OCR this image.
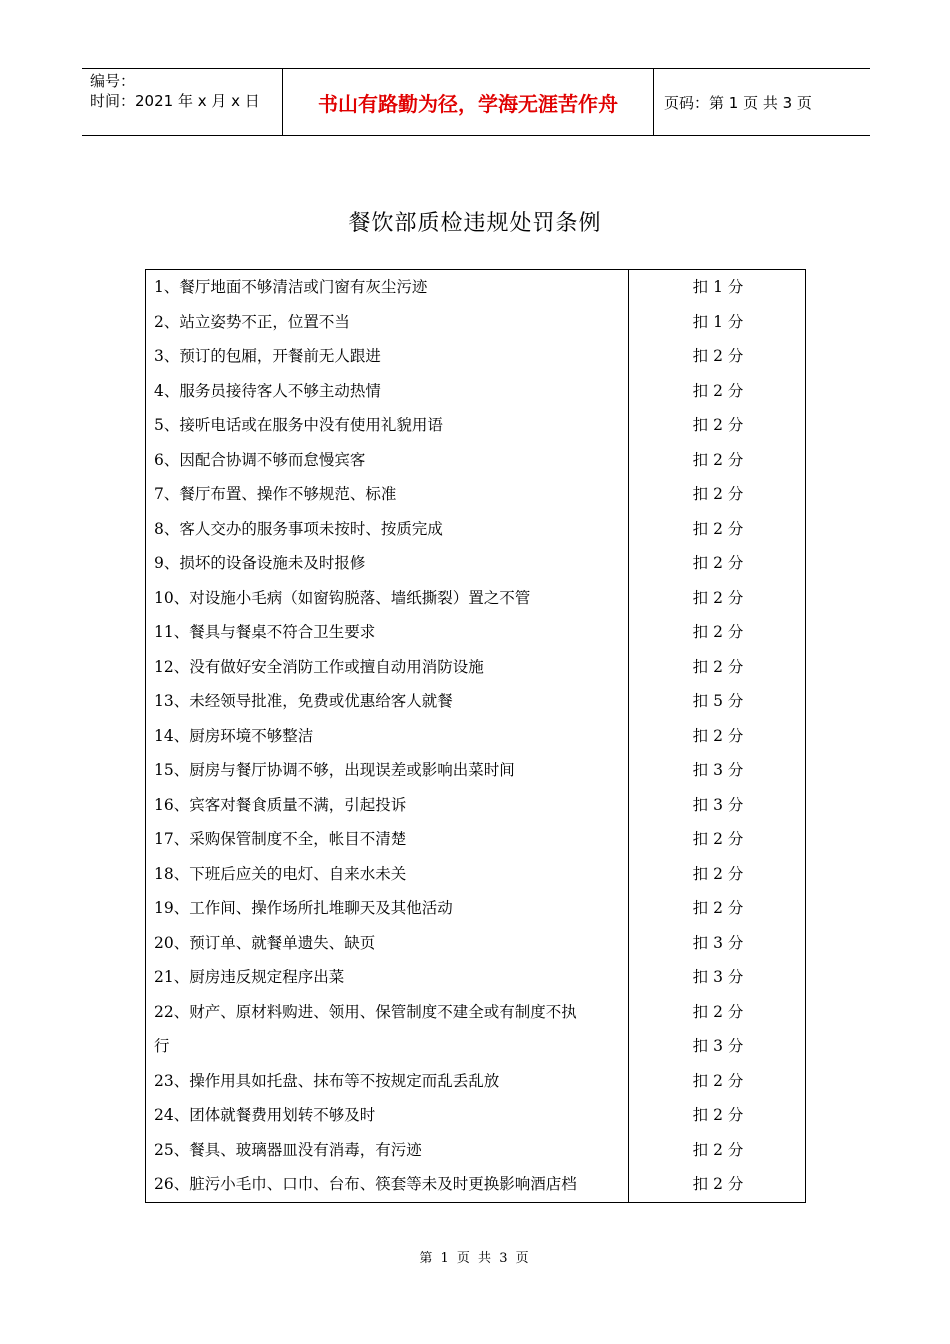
编号：
时间：2021 年 x 月 x 日	书山有路勤为径，学海无涯苦作舟	页码：第 1 页 共 3 页
餐饮部质检违规处罚条例
1、餐厅地面不够清洁或门窗有灰尘污迹	扣 1 分
2、站立姿势不正，位置不当	扣 1 分
3、预订的包厢，开餐前无人跟进	扣 2 分
4、服务员接待客人不够主动热情	扣 2 分
5、接听电话或在服务中没有使用礼貌用语	扣 2 分
6、因配合协调不够而怠慢宾客	扣 2 分
7、餐厅布置、操作不够规范、标准	扣 2 分
8、客人交办的服务事项未按时、按质完成	扣 2 分
9、损坏的设备设施未及时报修	扣 2 分
10、对设施小毛病（如窗钩脱落、墙纸撕裂）置之不管	扣 2 分
11、餐具与餐桌不符合卫生要求	扣 2 分
12、没有做好安全消防工作或擅自动用消防设施	扣 2 分
13、未经领导批准，免费或优惠给客人就餐	扣 5 分
14、厨房环境不够整洁	扣 2 分
15、厨房与餐厅协调不够，出现误差或影响出菜时间	扣 3 分
16、宾客对餐食质量不满，引起投诉	扣 3 分
17、采购保管制度不全，帐目不清楚	扣 2 分
18、下班后应关的电灯、自来水未关	扣 2 分
19、工作间、操作场所扎堆聊天及其他活动	扣 2 分
20、预订单、就餐单遗失、缺页	扣 3 分
21、厨房违反规定程序出菜	扣 3 分
22、财产、原材料购进、领用、保管制度不建全或有制度不执	扣 2 分
行	扣 3 分
23、操作用具如托盘、抹布等不按规定而乱丢乱放	扣 2 分
24、团体就餐费用划转不够及时	扣 2 分
25、餐具、玻璃器皿没有消毒，有污迹	扣 2 分
26、脏污小毛巾、口巾、台布、筷套等未及时更换影响酒店档	扣 2 分
第 1 页 共 3 页
